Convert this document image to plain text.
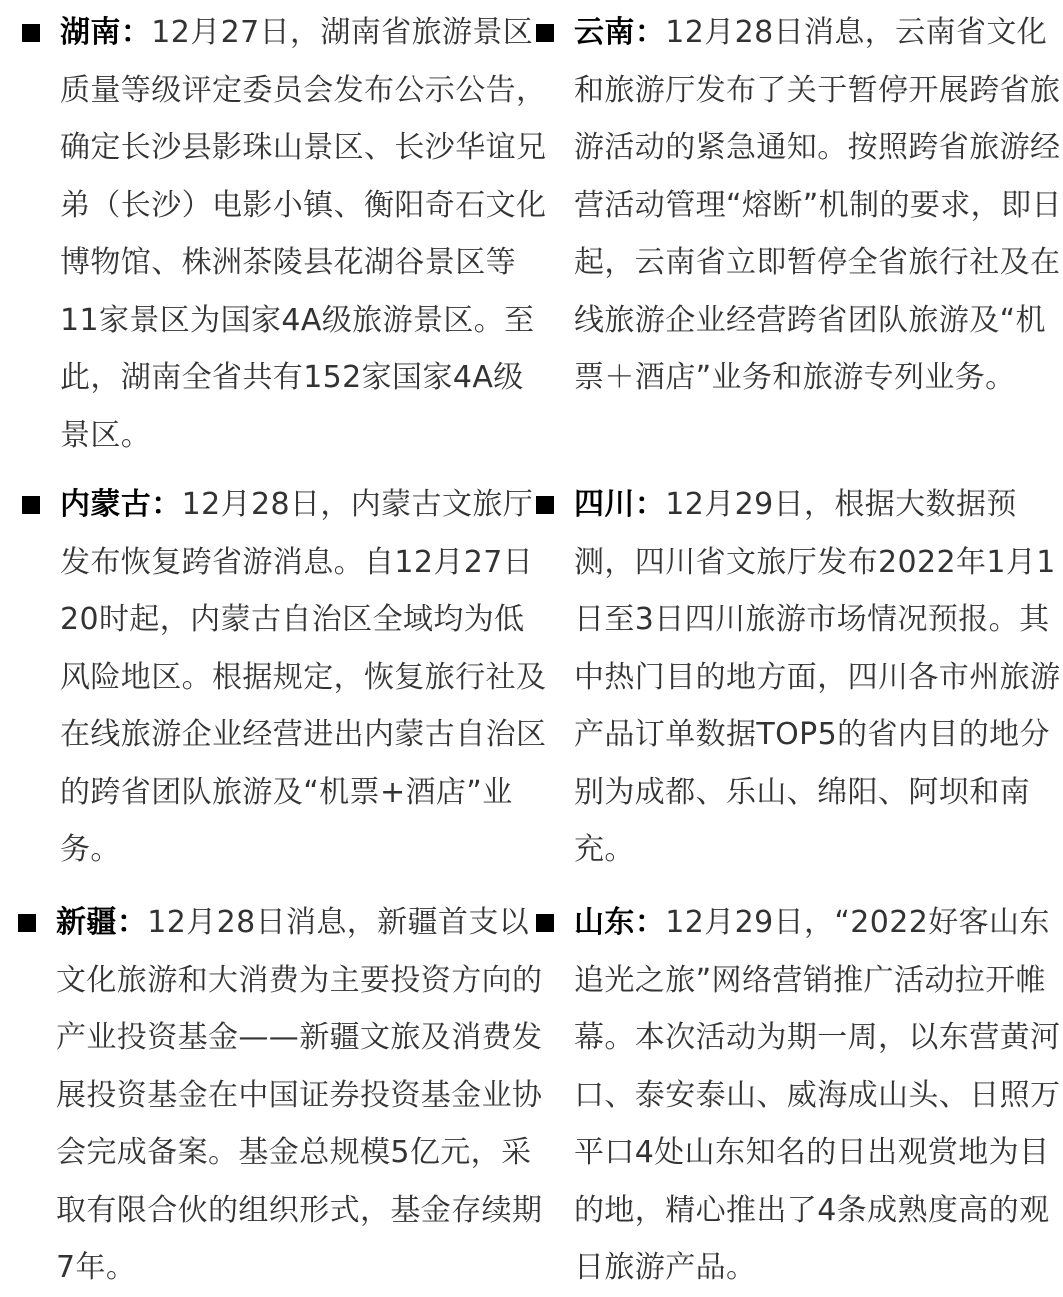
湖南：12月27日，湖南省旅游景区质量等级评定委员会发布公示公告，确定长沙县影珠山景区、长沙华谊兄弟（长沙）电影小镇、衡阳奇石文化博物馆、株洲茶陵县花湖谷景区等11家景区为国家4A级旅游景区。至此，湖南全省共有152家国家4A级景区。
云南：12月28日消息，云南省文化和旅游厅发布了关于暂停开展跨省旅游活动的紧急通知。按照跨省旅游经营活动管理“熔断”机制的要求，即日起，云南省立即暂停全省旅行社及在线旅游企业经营跨省团队旅游及“机票＋酒店”业务和旅游专列业务。
内蒙古：12月28日，内蒙古文旅厅发布恢复跨省游消息。自12月27日20时起，内蒙古自治区全域均为低风险地区。根据规定，恢复旅行社及在线旅游企业经营进出内蒙古自治区的跨省团队旅游及“机票+酒店”业务。
四川：12月29日，根据大数据预测，四川省文旅厅发布2022年1月1日至3日四川旅游市场情况预报。其中热门目的地方面，四川各市州旅游产品订单数据TOP5的省内目的地分别为成都、乐山、绵阳、阿坝和南充。
新疆：12月28日消息，新疆首支以文化旅游和大消费为主要投资方向的产业投资基金——新疆文旅及消费发展投资基金在中国证券投资基金业协会完成备案。基金总规模5亿元，采取有限合伙的组织形式，基金存续期7年。
山东：12月29日，“2022好客山东追光之旅”网络营销推广活动拉开帷幕。本次活动为期一周，以东营黄河口、泰安泰山、威海成山头、日照万平口4处山东知名的日出观赏地为目的地，精心推出了4条成熟度高的观日旅游产品。
